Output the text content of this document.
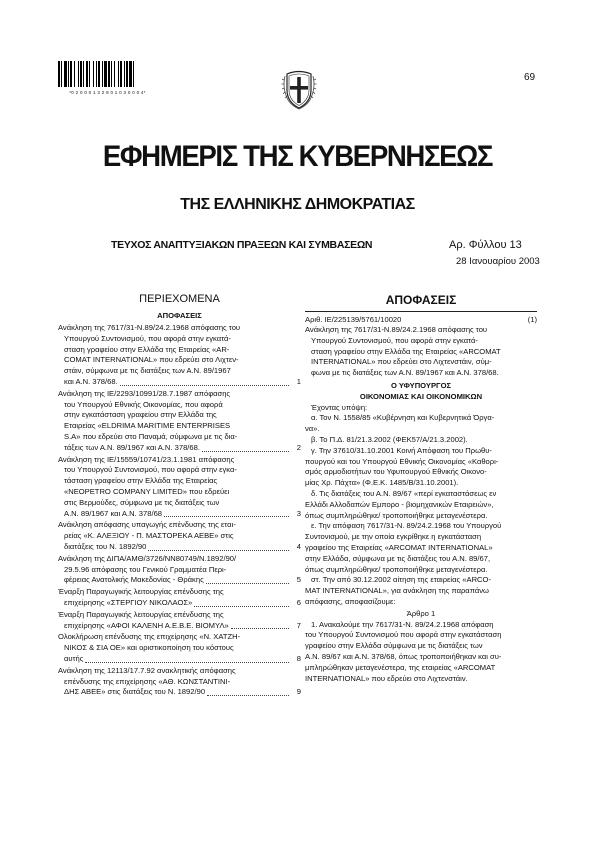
*0 2 0 0 0 1 3 2 8 0 1 0 3 0 0 0 4*
69
ΕΦΗΜΕΡΙΣ ΤΗΣ ΚΥΒΕΡΝΗΣΕΩΣ
ΤΗΣ ΕΛΛΗΝΙΚΗΣ ΔΗΜΟΚΡΑΤΙΑΣ
ΤΕΥΧΟΣ ΑΝΑΠΤΥΞΙΑΚΩΝ ΠΡΑΞΕΩΝ ΚΑΙ ΣΥΜΒΑΣΕΩΝ	Αρ. Φύλλου 13
28 Ιανουαρίου 2003

ΠΕΡΙΕΧΟΜΕΝΑ

ΑΠΟΦΑΣΕΙΣ
Ανάκληση της 7617/31-Ν.89/24.2.1968 απόφασης του
Υπουργού Συντονισμού, που αφορά στην εγκατά-
σταση γραφείου στην Ελλάδα της Εταιρείας «AR-
COMAT INTERNATIONAL» που εδρεύει στο Λιχτεν-
στάιν, σύμφωνα με τις διατάξεις των Α.Ν. 89/1967
και Α.Ν. 378/68.	1
Ανάκληση της ΙΕ/2293/10991/28.7.1987 απόφασης
του Υπουργού Εθνικής Οικονομίας, που αφορά
στην εγκατάσταση γραφείου στην Ελλάδα της
Εταιρείας «ELDRIMA MARITIME ENTERPRISES
S.A» που εδρεύει στο Παναμά, σύμφωνα με τις δια-
τάξεις των Α.Ν. 89/1967 και Α.Ν. 378/68.	2
Ανάκληση της ΙΕ/15559/10741/23.1.1981 απόφασης
του Υπουργού Συντονισμού, που αφορά στην εγκα-
τάσταση γραφείου στην Ελλάδα της Εταιρείας
«NEOPETRO COMPANY LIMITED» που εδρεύει
στις Βερμούδες, σύμφωνα με τις διατάξεις των
Α.Ν. 89/1967 και Α.Ν. 378/68	3
Ανάκληση απόφασης υπαγωγής επένδυσης της εται-
ρείας «Κ. ΑΛΕΞΙΟΥ - Π. ΜΑΣΤΟΡΕΚΑ ΑΕΒΕ» στις
διατάξεις του Ν. 1892/90	4
Ανάκληση της ΔΙΠΑ/ΑΜΘ/3726/ΝΝ80749/Ν.1892/90/
29.5.96 απόφασης του Γενικού Γραμματέα Περι-
φέρειας Ανατολικής Μακεδονίας - Θράκης	5
Έναρξη Παραγωγικής λειτουργίας επένδυσης της
επιχείρησης «ΣΤΕΡΓΙΟΥ ΝΙΚΟΛΑΟΣ»	6
Έναρξη Παραγωγικής λειτουργίας επένδυσης της
επιχείρησης «ΑΦΟΙ ΚΑΛΕΝΗ Α.Ε.Β.Ε. ΒΙΟΜΥΛ»	7
Ολοκλήρωση επένδυσης της επιχείρησης «Ν. ΧΑΤΖΗ-
ΝΙΚΟΣ & ΣΙΑ ΟΕ» και οριστικοποίηση του κόστους
αυτής	8
Ανάκληση της 12113/17.7.92 ανακλητικής απόφασης
επένδυσης της επιχείρησης «ΑΘ. ΚΩΝΣΤΑΝΤΙΝΙ-
ΔΗΣ ΑΒΕΕ» στις διατάξεις του Ν. 1892/90	9

ΑΠΟΦΑΣΕΙΣ

Αριθ. ΙΕ/225139/5761/10020	(1)
Ανάκληση της 7617/31-Ν.89/24.2.1968 απόφασης του
Υπουργού Συντονισμού, που αφορά στην εγκατά-
σταση γραφείου στην Ελλάδα της Εταιρείας «ARCOMAT
INTERNATIONAL» που εδρεύει στο Λιχτενστάιν, σύμ-
φωνα με τις διατάξεις των Α.Ν. 89/1967 και Α.Ν. 378/68.
Ο ΥΦΥΠΟΥΡΓΟΣ
ΟΙΚΟΝΟΜΙΑΣ ΚΑΙ ΟΙΚΟΝΟΜΙΚΩΝ
Έχοντας υπόψη:
α. Τον Ν. 1558/85 «Κυβέρνηση και Κυβερνητικά Όργα-
να».
β. Το Π.Δ. 81/21.3.2002 (ΦΕΚ57/Α/21.3.2002).
γ. Την 37610/31.10.2001 Κοινή Απόφαση του Πρωθυ-
πουργού και του Υπουργού Εθνικής Οικονομίας «Καθορι-
σμός αρμοδιοτήτων του Υφυπουργού Εθνικής Οικονο-
μίας Χρ. Πάχτα» (Φ.Ε.Κ. 1485/Β/31.10.2001).
δ. Τις διατάξεις του Α.Ν. 89/67 «περί εγκαταστάσεως εν
Ελλάδι Αλλοδαπών Εμπορο - βιομηχανικών Εταιρειών»,
όπως συμπληρώθηκε/ τροποποιήθηκε μεταγενέστερα.
ε. Την απόφαση 7617/31-Ν. 89/24.2.1968 του Υπουργού
Συντονισμού, με την οποία εγκρίθηκε η εγκατάσταση
γραφείου της Εταιρείας «ARCOMAT INTERNATIONAL»
στην Ελλάδα, σύμφωνα με τις διατάξεις του Α.Ν. 89/67,
όπως συμπληρώθηκε/ τροποποιήθηκε μεταγενέστερα.
στ. Την από 30.12.2002 αίτηση της εταιρείας «ARCO-
MAT INTERNATIONAL», για ανάκληση της παραπάνω
απόφασης, αποφασίζουμε:
Άρθρο 1
1. Ανακαλούμε την 7617/31-Ν. 89/24.2.1968 απόφαση
του Υπουργού Συντονισμού που αφορά στην εγκατάσταση
γραφείου στην Ελλάδα σύμφωνα με τις διατάξεις των
Α.Ν. 89/67 και Α.Ν. 378/68, όπως τροποποιήθηκαν και συ-
μπληρώθηκαν μεταγενέστερα, της εταιρείας «ARCOMAT
INTERNATIONAL» που εδρεύει στο Λιχτενστάιν.
